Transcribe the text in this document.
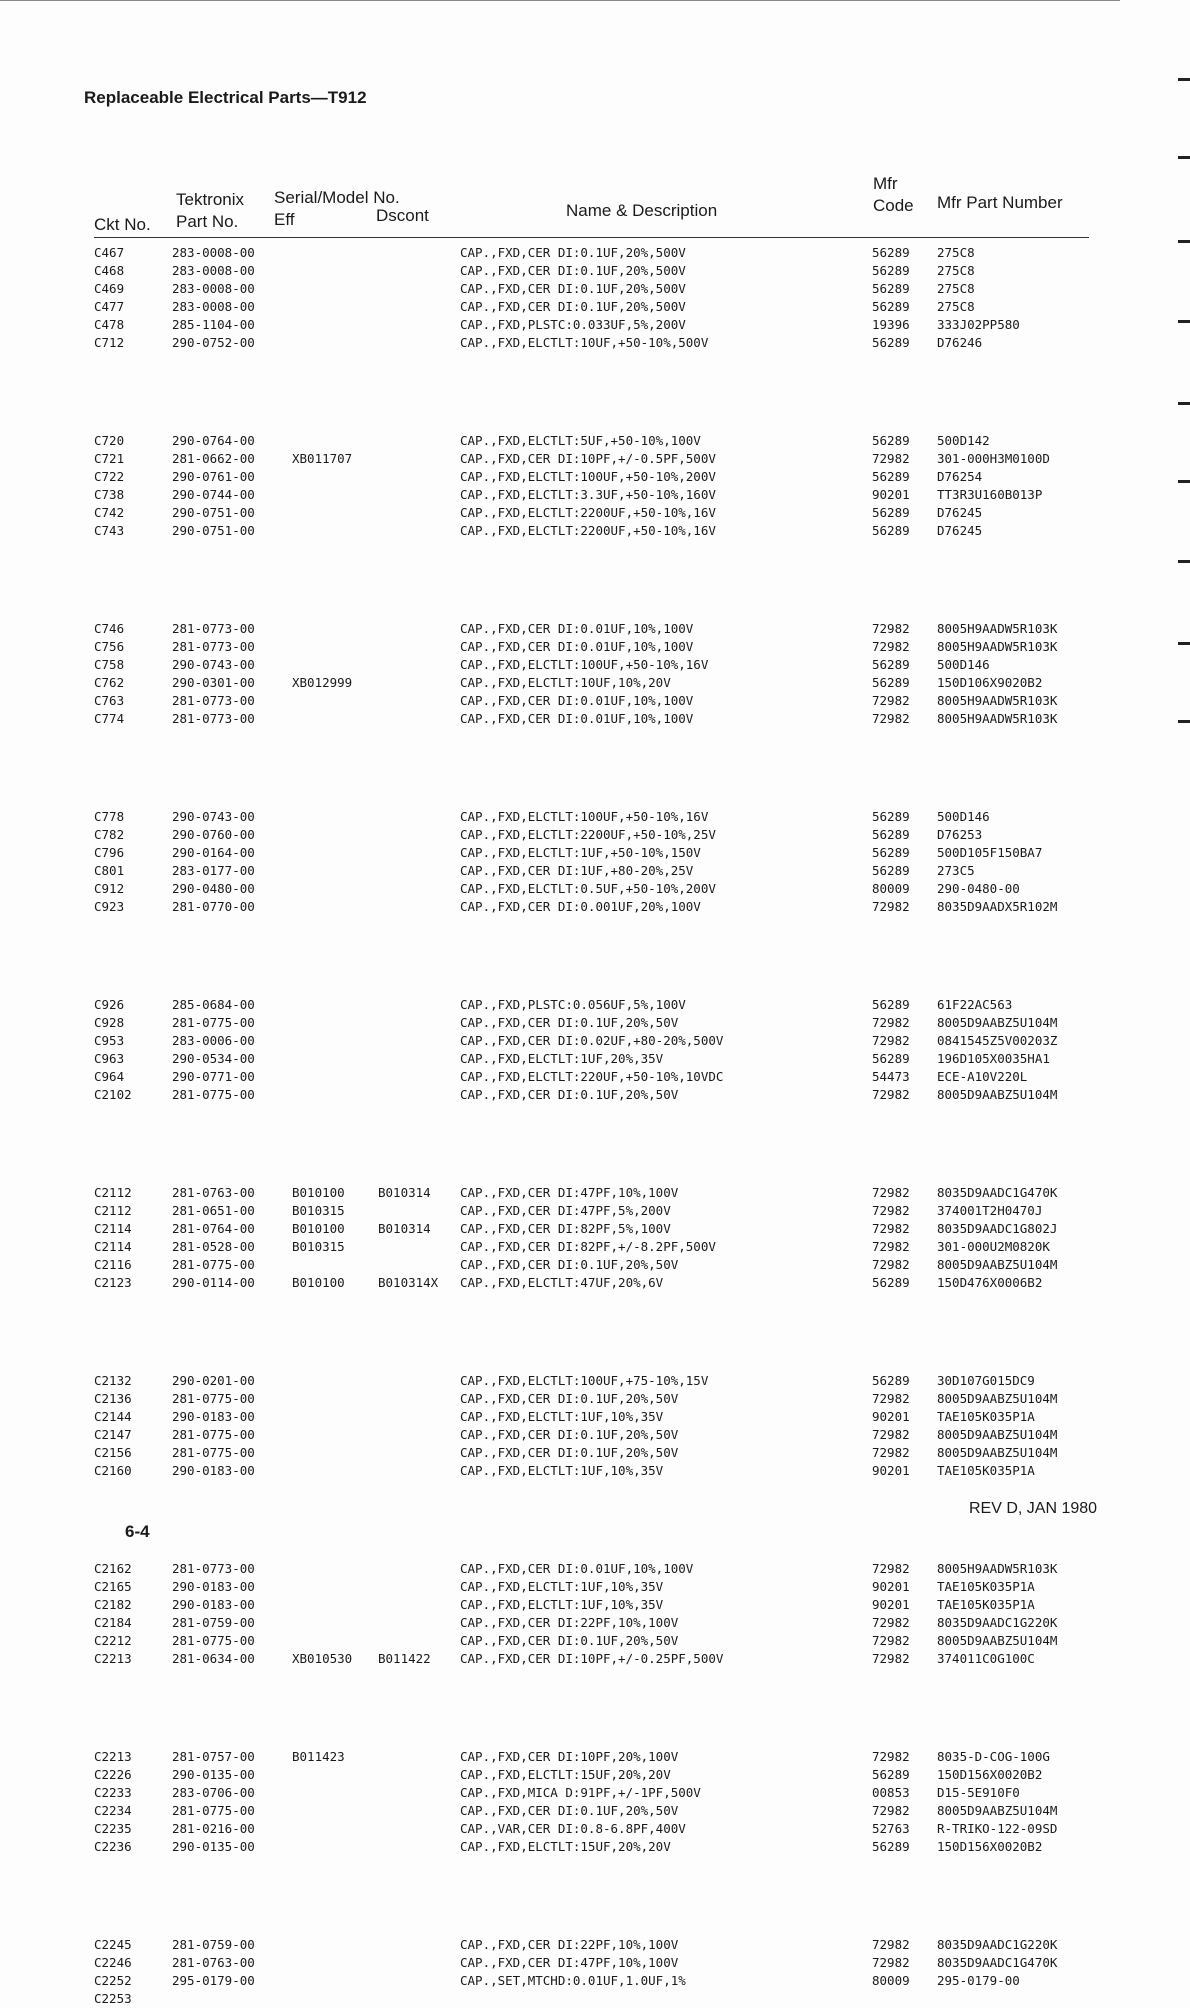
Replaceable Electrical Parts—T912
Ckt No.
Tektronix
Part No.
Serial/Model No.
Eff	Dscont	Name & Description
Mfr
Code Mfr Part Number
C467	283-0008-00	CAP.,FXD,CER DI:0.1UF,20%,500V	56289 275C8
C468	283-0008-00	CAP.,FXD,CER DI:0.1UF,20%,500V	56289 275C8
C469	283-0008-00	CAP.,FXD,CER DI:0.1UF,20%,500V	56289 275C8
C477	283-0008-00	CAP.,FXD,CER DI:0.1UF,20%,500V	56289 275C8
C478	285-1104-00	CAP.,FXD,PLSTC:0.033UF,5%,200V	19396 333J02PP580
C712	290-0752-00	CAP.,FXD,ELCTLT:10UF,+50-10%,500V	56289 D76246
C720	290-0764-00	CAP.,FXD,ELCTLT:5UF,+50-10%,100V	56289 500D142
C721	281-0662-00	XB011707	CAP.,FXD,CER DI:10PF,+/-0.5PF,500V	72982 301-000H3M0100D
C722	290-0761-00	CAP.,FXD,ELCTLT:100UF,+50-10%,200V	56289 D76254
C738	290-0744-00	CAP.,FXD,ELCTLT:3.3UF,+50-10%,160V	90201 TT3R3U160B013P
C742	290-0751-00	CAP.,FXD,ELCTLT:2200UF,+50-10%,16V	56289 D76245
C743	290-0751-00	CAP.,FXD,ELCTLT:2200UF,+50-10%,16V	56289 D76245
C746	281-0773-00	CAP.,FXD,CER DI:0.01UF,10%,100V	72982 8005H9AADW5R103K
C756	281-0773-00	CAP.,FXD,CER DI:0.01UF,10%,100V	72982 8005H9AADW5R103K
C758	290-0743-00	CAP.,FXD,ELCTLT:100UF,+50-10%,16V	56289 500D146
C762	290-0301-00	XB012999	CAP.,FXD,ELCTLT:10UF,10%,20V	56289 150D106X9020B2
C763	281-0773-00	CAP.,FXD,CER DI:0.01UF,10%,100V	72982 8005H9AADW5R103K
C774	281-0773-00	CAP.,FXD,CER DI:0.01UF,10%,100V	72982 8005H9AADW5R103K
C778	290-0743-00	CAP.,FXD,ELCTLT:100UF,+50-10%,16V	56289 500D146
C782	290-0760-00	CAP.,FXD,ELCTLT:2200UF,+50-10%,25V	56289 D76253
C796	290-0164-00	CAP.,FXD,ELCTLT:1UF,+50-10%,150V	56289 500D105F150BA7
C801	283-0177-00	CAP.,FXD,CER DI:1UF,+80-20%,25V	56289 273C5
C912	290-0480-00	CAP.,FXD,ELCTLT:0.5UF,+50-10%,200V	80009 290-0480-00
C923	281-0770-00	CAP.,FXD,CER DI:0.001UF,20%,100V	72982 8035D9AADX5R102M
C926	285-0684-00	CAP.,FXD,PLSTC:0.056UF,5%,100V	56289 61F22AC563
C928	281-0775-00	CAP.,FXD,CER DI:0.1UF,20%,50V	72982 8005D9AABZ5U104M
C953	283-0006-00	CAP.,FXD,CER DI:0.02UF,+80-20%,500V	72982 0841545Z5V00203Z
C963	290-0534-00	CAP.,FXD,ELCTLT:1UF,20%,35V	56289 196D105X0035HA1
C964	290-0771-00	CAP.,FXD,ELCTLT:220UF,+50-10%,10VDC	54473 ECE-A10V220L
C2102	281-0775-00	CAP.,FXD,CER DI:0.1UF,20%,50V	72982 8005D9AABZ5U104M
C2112	281-0763-00	B010100	B010314 CAP.,FXD,CER DI:47PF,10%,100V	72982 8035D9AADC1G470K
C2112	281-0651-00	B010315	CAP.,FXD,CER DI:47PF,5%,200V	72982 374001T2H0470J
C2114	281-0764-00	B010100	B010314 CAP.,FXD,CER DI:82PF,5%,100V	72982 8035D9AADC1G802J
C2114	281-0528-00	B010315	CAP.,FXD,CER DI:82PF,+/-8.2PF,500V	72982 301-000U2M0820K
C2116	281-0775-00	CAP.,FXD,CER DI:0.1UF,20%,50V	72982 8005D9AABZ5U104M
C2123	290-0114-00	B010100	B010314X CAP.,FXD,ELCTLT:47UF,20%,6V	56289 150D476X0006B2
C2132	290-0201-00	CAP.,FXD,ELCTLT:100UF,+75-10%,15V	56289 30D107G015DC9
C2136	281-0775-00	CAP.,FXD,CER DI:0.1UF,20%,50V	72982 8005D9AABZ5U104M
C2144	290-0183-00	CAP.,FXD,ELCTLT:1UF,10%,35V	90201 TAE105K035P1A
C2147	281-0775-00	CAP.,FXD,CER DI:0.1UF,20%,50V	72982 8005D9AABZ5U104M
C2156	281-0775-00	CAP.,FXD,CER DI:0.1UF,20%,50V	72982 8005D9AABZ5U104M
C2160	290-0183-00	CAP.,FXD,ELCTLT:1UF,10%,35V	90201 TAE105K035P1A
C2162	281-0773-00	CAP.,FXD,CER DI:0.01UF,10%,100V	72982 8005H9AADW5R103K
C2165	290-0183-00	CAP.,FXD,ELCTLT:1UF,10%,35V	90201 TAE105K035P1A
C2182	290-0183-00	CAP.,FXD,ELCTLT:1UF,10%,35V	90201 TAE105K035P1A
C2184	281-0759-00	CAP.,FXD,CER DI:22PF,10%,100V	72982 8035D9AADC1G220K
C2212	281-0775-00	CAP.,FXD,CER DI:0.1UF,20%,50V	72982 8005D9AABZ5U104M
C2213	281-0634-00	XB010530 B011422 CAP.,FXD,CER DI:10PF,+/-0.25PF,500V	72982 374011C0G100C
C2213	281-0757-00	B011423	CAP.,FXD,CER DI:10PF,20%,100V	72982 8035-D-COG-100G
C2226	290-0135-00	CAP.,FXD,ELCTLT:15UF,20%,20V	56289 150D156X0020B2
C2233	283-0706-00	CAP.,FXD,MICA D:91PF,+/-1PF,500V	00853 D15-5E910F0
C2234	281-0775-00	CAP.,FXD,CER DI:0.1UF,20%,50V	72982 8005D9AABZ5U104M
C2235	281-0216-00	CAP.,VAR,CER DI:0.8-6.8PF,400V	52763 R-TRIKO-122-09SD
C2236	290-0135-00	CAP.,FXD,ELCTLT:15UF,20%,20V	56289 150D156X0020B2
C2245	281-0759-00	CAP.,FXD,CER DI:22PF,10%,100V	72982 8035D9AADC1G220K
C2246	281-0763-00	CAP.,FXD,CER DI:47PF,10%,100V	72982 8035D9AADC1G470K
C2252	295-0179-00	CAP.,SET,MTCHD:0.01UF,1.0UF,1%	80009 295-0179-00
C2253
6-4
REV D, JAN 1980
